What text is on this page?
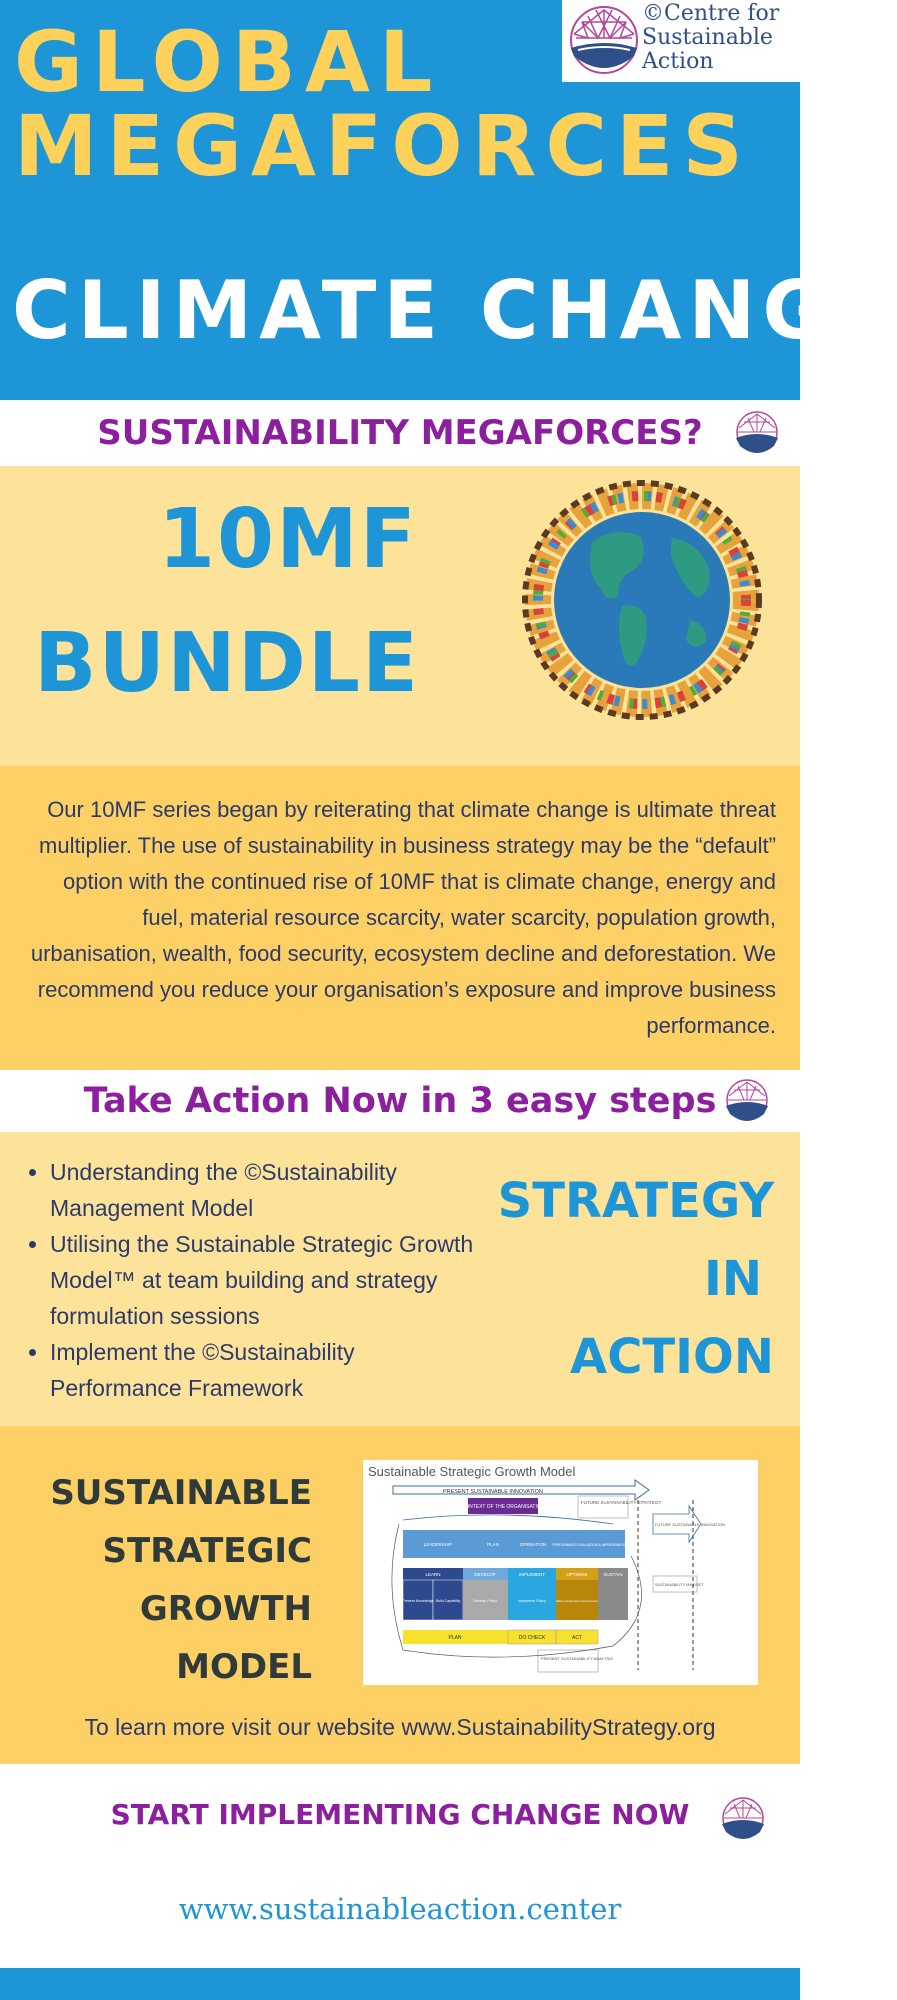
GLOBAL
MEGAFORCES
CLIMATE CHANGE
©Centre for Sustainable Action
SUSTAINABILITY MEGAFORCES?
10MF
BUNDLE
Our 10MF series began by reiterating that climate change is ultimate threat multiplier. The use of sustainability in business strategy may be the “default” option with the continued rise of 10MF that is climate change, energy and fuel, material resource scarcity, water scarcity, population growth, urbanisation, wealth, food security, ecosystem decline and deforestation. We recommend you reduce your organisation’s exposure and improve business performance.
Take Action Now in 3 easy steps
• Understanding the ©Sustainability Management Model
• Utilising the Sustainable Strategic Growth Model™ at team building and strategy formulation sessions
• Implement the ©Sustainability Performance Framework
STRATEGY
IN
ACTION
SUSTAINABLE
STRATEGIC
GROWTH
MODEL
Sustainable Strategic Growth Model
PRESENT SUSTAINABLE INNOVATION
CONTEXT OF THE ORGANISATION
FUTURE SUSTAINABILITY STRATEGY
FUTURE SUSTAINABLE INNOVATION
LEADERSHIP	PLAN	OPERATION PERFORMANCE EVALUATION & IMPROVEMENT
LEARN	DEVELOP	IMPLEMENT	OPTIMISE	SUSTAIN
Present Knowledge Build Capability	Develop Policy	Implement Policy	Make Continuous Improvement
SUSTAINABILITY MINDSET
PLAN	DO CHECK	ACT
PRESENT SUSTAINABILITY ANALYSIS
To learn more visit our website www.SustainabilityStrategy.org
START IMPLEMENTING CHANGE NOW
www.sustainableaction.center
